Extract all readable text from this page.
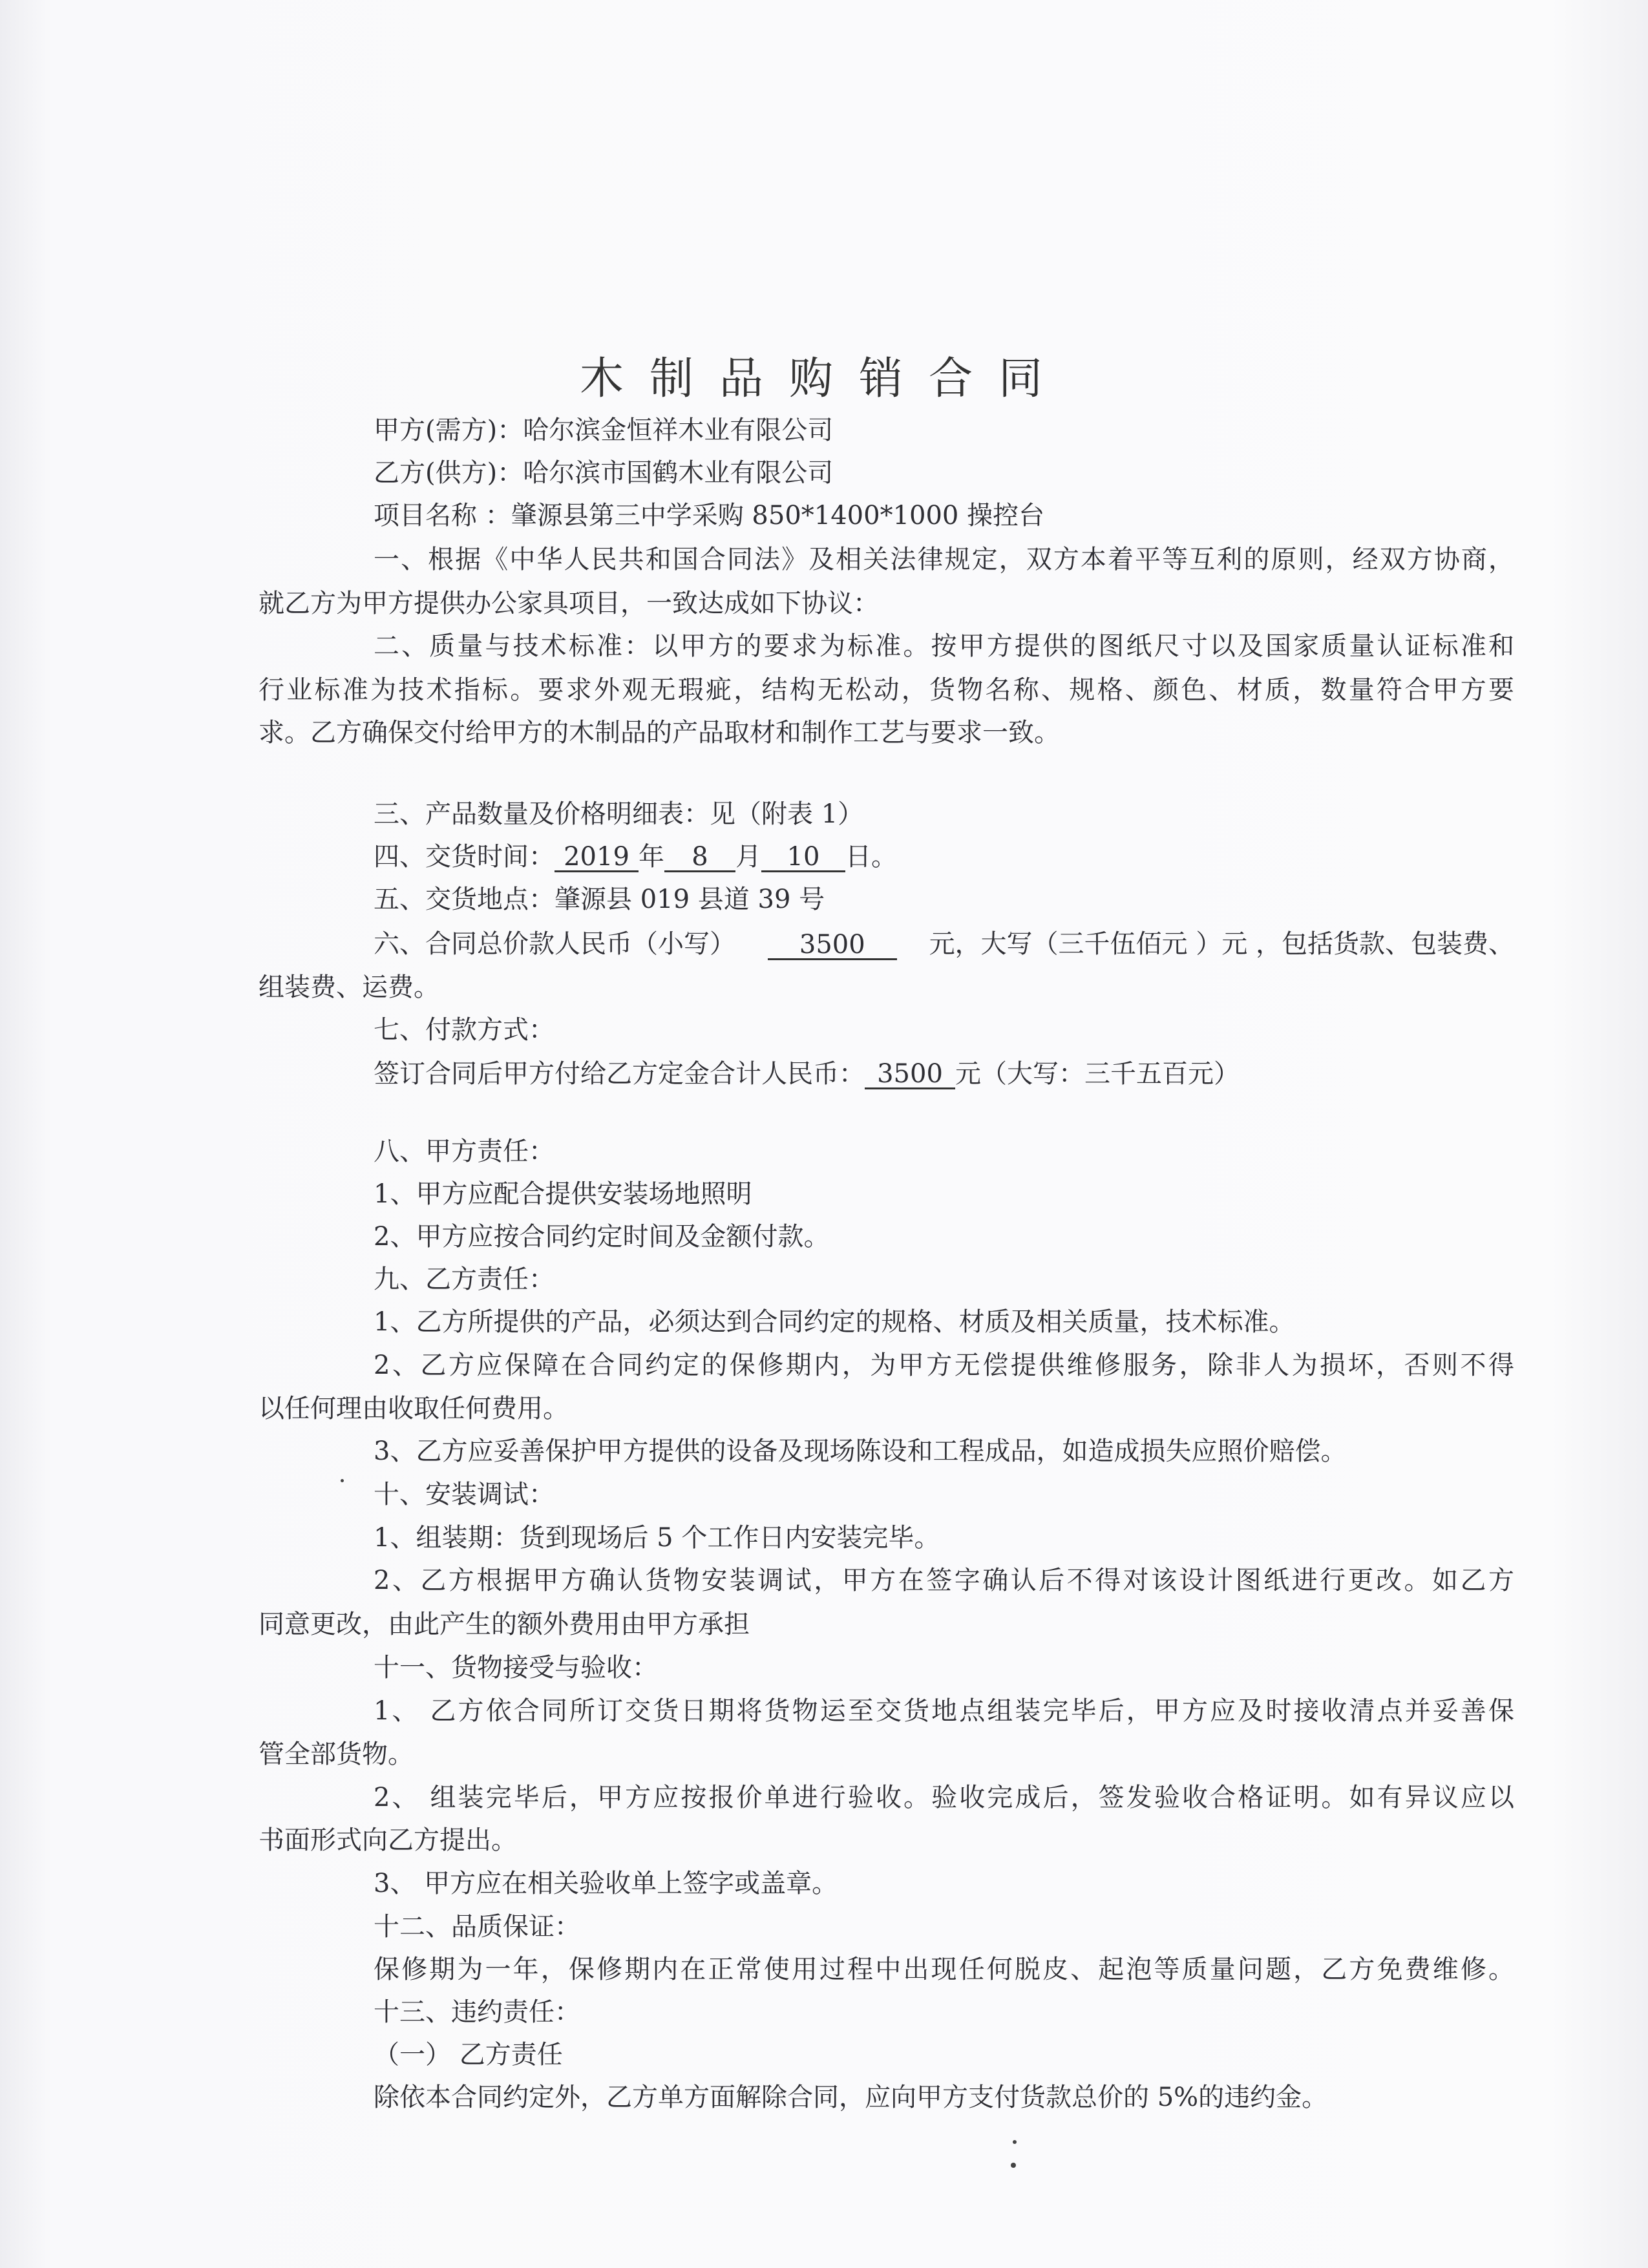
木制品购销合同
甲方(需方)：哈尔滨金恒祥木业有限公司
乙方(供方)：哈尔滨市国鹤木业有限公司
项目名称 ：肇源县第三中学采购 850*1400*1000 操控台
一、根据《中华人民共和国合同法》及相关法律规定，双方本着平等互利的原则，经双方协商，
就乙方为甲方提供办公家具项目，一致达成如下协议：
二、质量与技术标准：以甲方的要求为标准。按甲方提供的图纸尺寸以及国家质量认证标准和
行业标准为技术指标。要求外观无瑕疵，结构无松动，货物名称、规格、颜色、材质，数量符合甲方要
求。乙方确保交付给甲方的木制品的产品取材和制作工艺与要求一致。
三、产品数量及价格明细表：见（附表 1）
四、交货时间： 2019 年 8 月 10 日。
五、交货地点：肇源县 019 县道 39 号
六、合同总价款人民币（小写）	3500	元，大写（三千伍佰元 ）元 ，包括货款、包装费、
组装费、运费。
七、付款方式：
签订合同后甲方付给乙方定金合计人民币： 3500 元（大写：三千五百元）
八、甲方责任：
1、甲方应配合提供安装场地照明
2、甲方应按合同约定时间及金额付款。
九、乙方责任：
1、乙方所提供的产品，必须达到合同约定的规格、材质及相关质量，技术标准。
2、乙方应保障在合同约定的保修期内，为甲方无偿提供维修服务，除非人为损坏，否则不得
以任何理由收取任何费用。
3、乙方应妥善保护甲方提供的设备及现场陈设和工程成品，如造成损失应照价赔偿。
十、安装调试：
1、组装期：货到现场后 5 个工作日内安装完毕。
2、乙方根据甲方确认货物安装调试，甲方在签字确认后不得对该设计图纸进行更改。如乙方
同意更改，由此产生的额外费用由甲方承担
十一、货物接受与验收：
1、 乙方依合同所订交货日期将货物运至交货地点组装完毕后，甲方应及时接收清点并妥善保
管全部货物。
2、 组装完毕后，甲方应按报价单进行验收。验收完成后，签发验收合格证明。如有异议应以
书面形式向乙方提出。
3、 甲方应在相关验收单上签字或盖章。
十二、品质保证：
保修期为一年，保修期内在正常使用过程中出现任何脱皮、起泡等质量问题，乙方免费维修。
十三、违约责任：
（一） 乙方责任
除依本合同约定外，乙方单方面解除合同，应向甲方支付货款总价的 5%的违约金。
